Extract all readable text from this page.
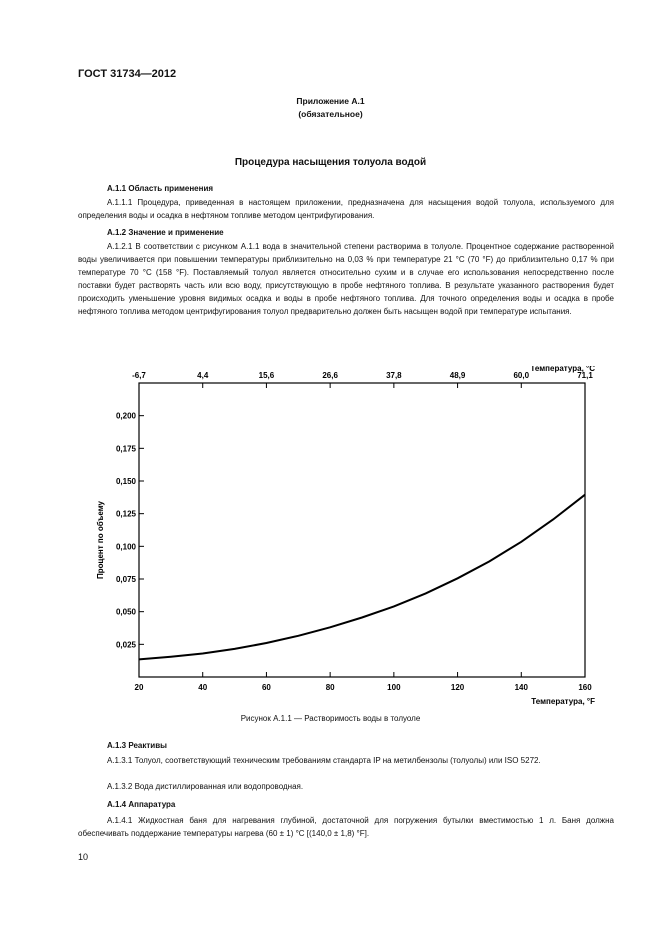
ГОСТ 31734—2012
Приложение А.1
(обязательное)
Процедура насыщения толуола водой
А.1.1 Область применения

А.1.1.1 Процедура, приведенная в настоящем приложении, предназначена для насыщения водой толуола, используемого для определения воды и осадка в нефтяном топливе методом центрифугирования.

А.1.2 Значение и применение

А.1.2.1 В соответствии с рисунком А.1.1 вода в значительной степени растворима в толуоле. Процентное содержание растворенной воды увеличивается при повышении температуры приблизительно на 0,03 % при температуре 21 °С (70 °F) до приблизительно 0,17 % при температуре 70 °С (158 °F). Поставляемый толуол является относительно сухим и в случае его использования непосредственно после поставки будет растворять часть или всю воду, присутствующую в пробе нефтяного топлива. В результате указанного растворения будет происходить уменьшение уровня видимых осадка и воды в пробе нефтяного топлива. Для точного определения воды и осадка в пробе нефтяного топлива методом центрифугирования толуол предварительно должен быть насыщен водой при температуре испытания.

20	40	60	80	100	120	140	160
-6,7	4,4	15,6	26,6	37,8	48,9	60,0	71,1
0,025
0,050
0,075
0,100
0,125
0,150
0,175
0,200
Температура, °F
Температура, °С
Процент по объему
Рисунок А.1.1 — Растворимость воды в толуоле
А.1.3 Реактивы

А.1.3.1 Толуол, соответствующий техническим требованиям стандарта IP на метилбензолы (толуолы) или ISO 5272.

А.1.3.2 Вода дистиллированная или водопроводная.

А.1.4 Аппаратура

А.1.4.1 Жидкостная баня для нагревания глубиной, достаточной для погружения бутылки вместимостью 1 л. Баня должна обеспечивать поддержание температуры нагрева (60 ± 1) °С [(140,0 ± 1,8) °F].

10
